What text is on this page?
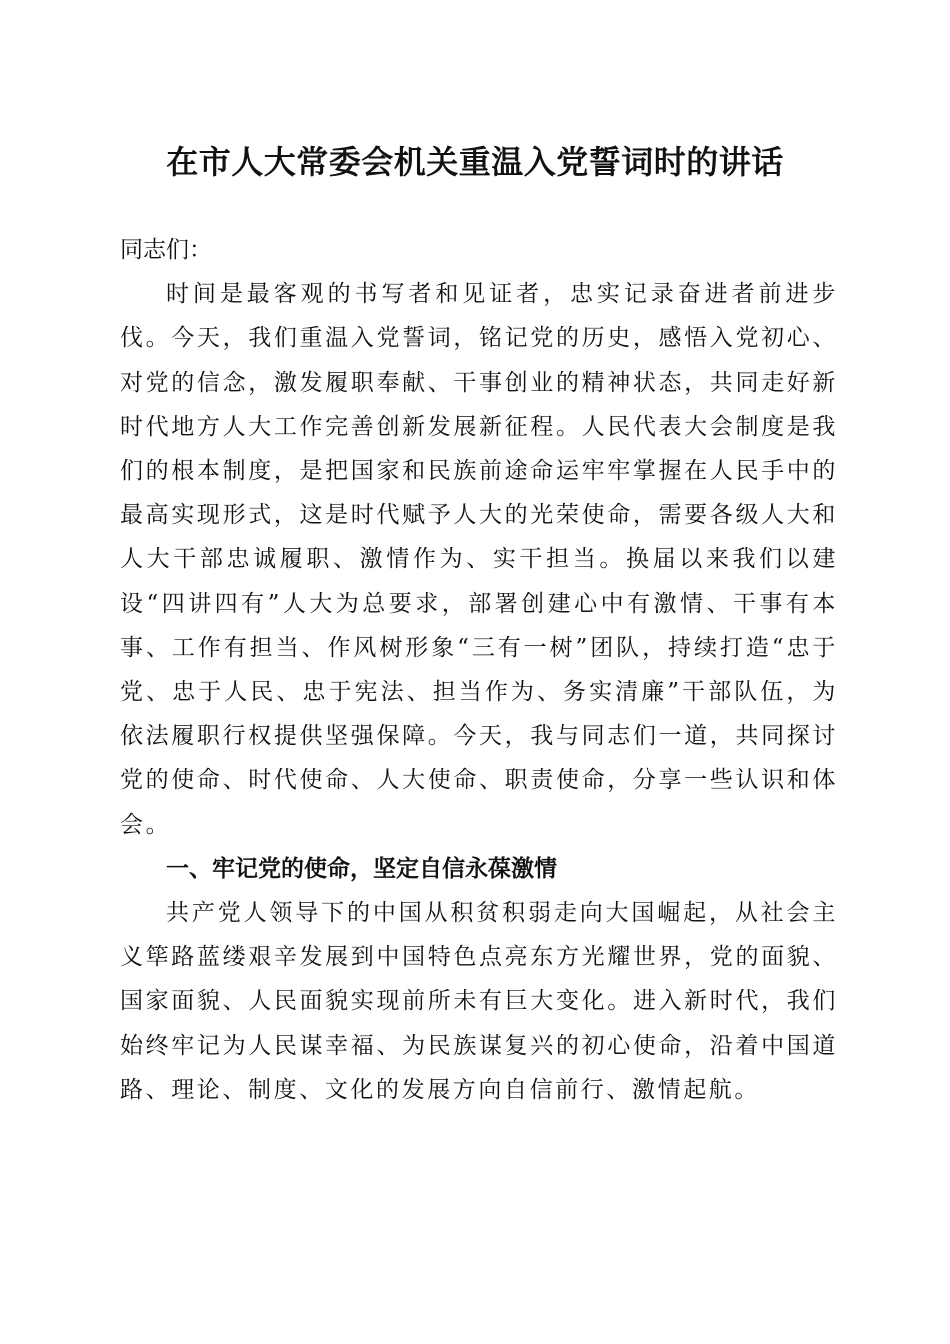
在市人大常委会机关重温入党誓词时的讲话

同志们：

时间是最客观的书写者和见证者，忠实记录奋进者前进步伐。今天，我们重温入党誓词，铭记党的历史，感悟入党初心、对党的信念，激发履职奉献、干事创业的精神状态，共同走好新时代地方人大工作完善创新发展新征程。人民代表大会制度是我们的根本制度，是把国家和民族前途命运牢牢掌握在人民手中的最高实现形式，这是时代赋予人大的光荣使命，需要各级人大和人大干部忠诚履职、激情作为、实干担当。换届以来我们以建设“四讲四有”人大为总要求，部署创建心中有激情、干事有本事、工作有担当、作风树形象“三有一树”团队，持续打造“忠于党、忠于人民、忠于宪法、担当作为、务实清廉”干部队伍，为依法履职行权提供坚强保障。今天，我与同志们一道，共同探讨党的使命、时代使命、人大使命、职责使命，分享一些认识和体会。

一、牢记党的使命，坚定自信永葆激情

共产党人领导下的中国从积贫积弱走向大国崛起，从社会主义筚路蓝缕艰辛发展到中国特色点亮东方光耀世界，党的面貌、国家面貌、人民面貌实现前所未有巨大变化。进入新时代，我们始终牢记为人民谋幸福、为民族谋复兴的初心使命，沿着中国道路、理论、制度、文化的发展方向自信前行、激情起航。
